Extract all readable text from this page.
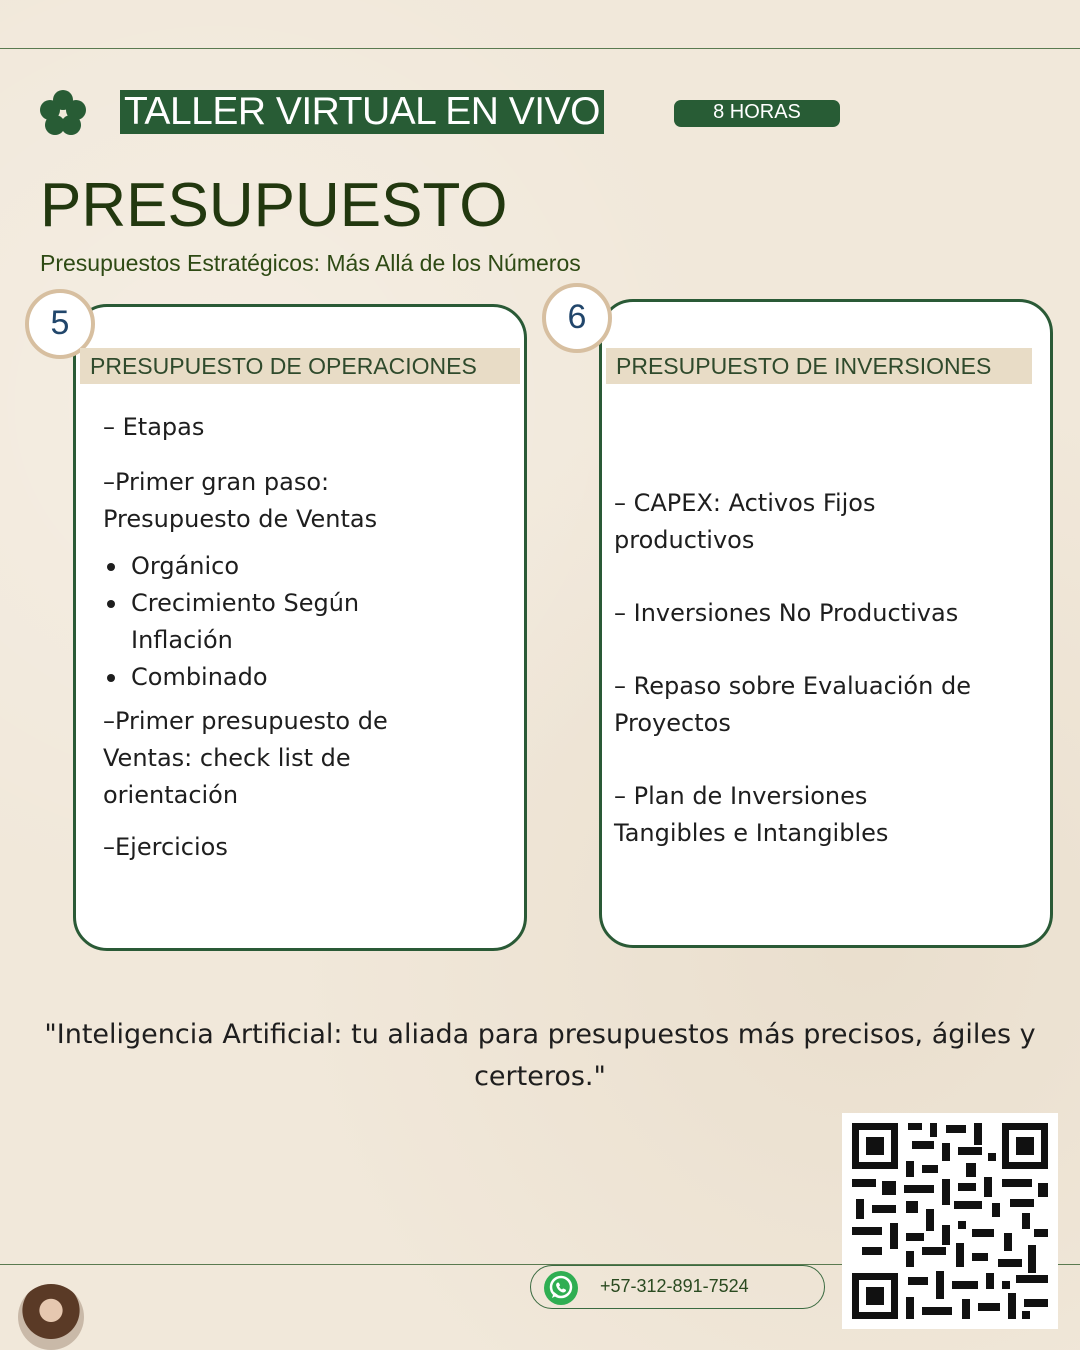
TALLER VIRTUAL EN VIVO	8 HORAS
PRESUPUESTO
Presupuestos Estratégicos: Más Allá de los Números
5
PRESUPUESTO DE OPERACIONES

– Etapas

–Primer gran paso: Presupuesto de Ventas

Orgánico
Crecimiento Según Inflación
Combinado

–Primer presupuesto de Ventas: check list de orientación

–Ejercicios

6
PRESUPUESTO DE INVERSIONES

– CAPEX: Activos Fijos productivos

– Inversiones No Productivas

– Repaso sobre Evaluación de Proyectos

– Plan de Inversiones Tangibles e Intangibles

"Inteligencia Artificial: tu aliada para presupuestos más precisos, ágiles y certeros."
+57-312-891-7524
